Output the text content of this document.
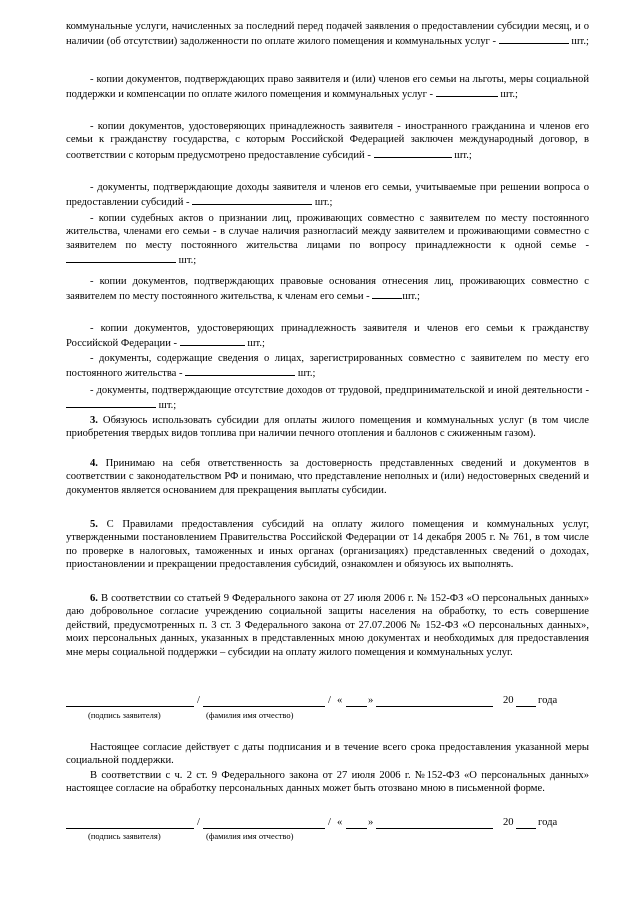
коммунальные услуги, начисленных за последний перед подачей заявления о предоставлении субсидии месяц, и о наличии (об отсутствии) задолженности по оплате жилого помещения и коммунальных услуг -	шт.;

- копии документов, подтверждающих право заявителя и (или) членов его семьи на льготы, меры социальной поддержки и компенсации по оплате жилого помещения и коммунальных услуг -	шт.;

- копии документов, удостоверяющих принадлежность заявителя - иностранного гражданина и членов его семьи к гражданству государства, с которым Российской Федерацией заключен международный договор, в соответствии с которым предусмотрено предоставление субсидий -	шт.;

- документы, подтверждающие доходы заявителя и членов его семьи, учитываемые при решении вопроса о предоставлении субсидий -	шт.;

- копии судебных актов о признании лиц, проживающих совместно с заявителем по месту постоянного жительства, членами его семьи - в случае наличия разногласий между заявителем и проживающими совместно с заявителем по месту постоянного жительства лицами по вопросу принадлежности к одной семье -  шт.;

- копии документов, подтверждающих правовые основания отнесения лиц, проживающих совместно с заявителем по месту постоянного жительства, к членам его семьи -	шт.;

- копии документов, удостоверяющих принадлежность заявителя и членов его семьи к гражданству Российской Федерации -	шт.;

- документы, содержащие сведения о лицах, зарегистрированных совместно с заявителем по месту его постоянного жительства -	шт.;

- документы, подтверждающие отсутствие доходов от трудовой, предпринимательской и иной деятельности -  шт.;

3. Обязуюсь использовать субсидии для оплаты жилого помещения и коммунальных услуг (в том числе приобретения твердых видов топлива при наличии печного отопления и баллонов с сжиженным газом).

4. Принимаю на себя ответственность за достоверность представленных сведений и документов в соответствии с законодательством РФ и понимаю, что представление неполных и (или) недостоверных сведений и документов является основанием для прекращения выплаты субсидии.

5. С Правилами предоставления субсидий на оплату жилого помещения и коммунальных услуг, утвержденными постановлением Правительства Российской Федерации от 14 декабря 2005 г. № 761, в том числе по проверке в налоговых, таможенных и иных органах (организациях) представленных сведений о доходах, приостановлении и прекращении предоставления субсидий, ознакомлен и обязуюсь их выполнять.

6. В соответствии со статьей 9 Федерального закона от 27 июля 2006 г. № 152-ФЗ «О персональных данных» даю добровольное согласие учреждению социальной защиты населения на обработку, то есть совершение действий, предусмотренных п. 3 ст. 3 Федерального закона от 27.07.2006 № 152-ФЗ «О персональных данных», моих персональных данных, указанных в представленных мною документах и необходимых для предоставления мне меры социальной поддержки – субсидии на оплату жилого помещения и коммунальных услуг.

/	/ « »	20 года
(подпись заявителя)	(фамилия имя отчество)

Настоящее согласие действует с даты подписания и в течение всего срока предоставления указанной меры социальной поддержки.

В соответствии с ч. 2 ст. 9 Федерального закона от 27 июля 2006 г. №152-ФЗ «О персональных данных» настоящее согласие на обработку персональных данных может быть отозвано мною в письменной форме.

/	/ « »	20 года
(подпись заявителя)	(фамилия имя отчество)
